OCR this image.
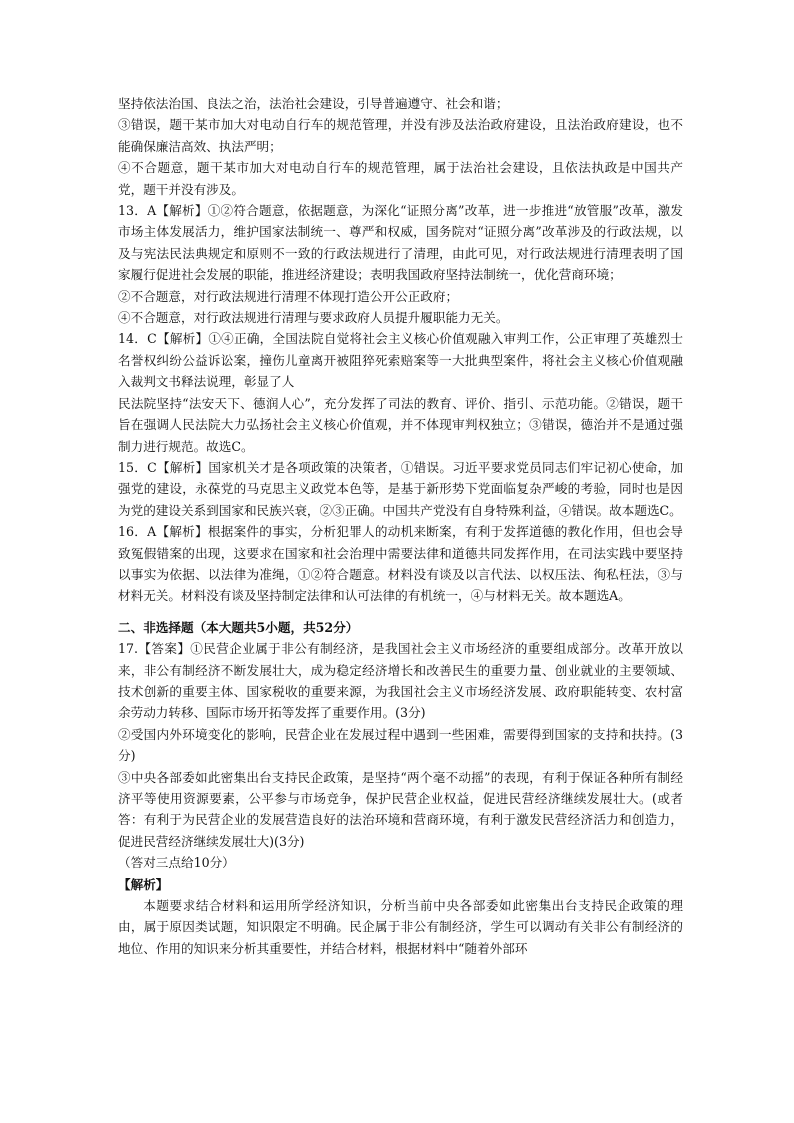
坚持依法治国、良法之治，法治社会建设，引导普遍遵守、社会和谐；

③错误，题干某市加大对电动自行车的规范管理，并没有涉及法治政府建设，且法治政府建设，也不能确保廉洁高效、执法严明；

④不合题意，题干某市加大对电动自行车的规范管理，属于法治社会建设，且依法执政是中国共产党，题干并没有涉及。

13．A【解析】①②符合题意，依据题意，为深化“证照分离”改革，进一步推进“放管服”改革，激发市场主体发展活力，维护国家法制统一、尊严和权威，国务院对“证照分离”改革涉及的行政法规，以及与宪法民法典规定和原则不一致的行政法规进行了清理，由此可见，对行政法规进行清理表明了国家履行促进社会发展的职能，推进经济建设；表明我国政府坚持法制统一，优化营商环境；

②不合题意，对行政法规进行清理不体现打造公开公正政府；

④不合题意，对行政法规进行清理与要求政府人员提升履职能力无关。

14．C【解析】①④正确，全国法院自觉将社会主义核心价值观融入审判工作，公正审理了英雄烈士名誉权纠纷公益诉讼案，撞伤儿童离开被阻猝死索赔案等一大批典型案件，将社会主义核心价值观融入裁判文书释法说理，彰显了人

民法院坚持“法安天下、德润人心”，充分发挥了司法的教育、评价、指引、示范功能。②错误，题干旨在强调人民法院大力弘扬社会主义核心价值观，并不体现审判权独立；③错误，德治并不是通过强制力进行规范。故选C。

15．C【解析】国家机关才是各项政策的决策者，①错误。习近平要求党员同志们牢记初心使命，加强党的建设，永葆党的马克思主义政党本色等，是基于新形势下党面临复杂严峻的考验，同时也是因为党的建设关系到国家和民族兴衰，②③正确。中国共产党没有自身特殊利益，④错误。故本题选C。

16．A【解析】根据案件的事实，分析犯罪人的动机来断案，有利于发挥道德的教化作用，但也会导致冤假错案的出现，这要求在国家和社会治理中需要法律和道德共同发挥作用，在司法实践中要坚持以事实为依据、以法律为准绳，①②符合题意。材料没有谈及以言代法、以权压法、徇私枉法，③与材料无关。材料没有谈及坚持制定法律和认可法律的有机统一，④与材料无关。故本题选A。

二、非选择题（本大题共5小题，共52分）

17.【答案】①民营企业属于非公有制经济，是我国社会主义市场经济的重要组成部分。改革开放以来，非公有制经济不断发展壮大，成为稳定经济增长和改善民生的重要力量、创业就业的主要领域、技术创新的重要主体、国家税收的重要来源，为我国社会主义市场经济发展、政府职能转变、农村富余劳动力转移、国际市场开拓等发挥了重要作用。(3分)

②受国内外环境变化的影响，民营企业在发展过程中遇到一些困难，需要得到国家的支持和扶持。(3分)

③中央各部委如此密集出台支持民企政策，是坚持“两个毫不动摇”的表现，有利于保证各种所有制经济平等使用资源要素，公平参与市场竞争，保护民营企业权益，促进民营经济继续发展壮大。(或者答：有利于为民营企业的发展营造良好的法治环境和营商环境，有利于激发民营经济活力和创造力，促进民营经济继续发展壮大)(3分)

（答对三点给10分）

【解析】

本题要求结合材料和运用所学经济知识，分析当前中央各部委如此密集出台支持民企政策的理由，属于原因类试题，知识限定不明确。民企属于非公有制经济，学生可以调动有关非公有制经济的地位、作用的知识来分析其重要性，并结合材料，根据材料中“随着外部环
